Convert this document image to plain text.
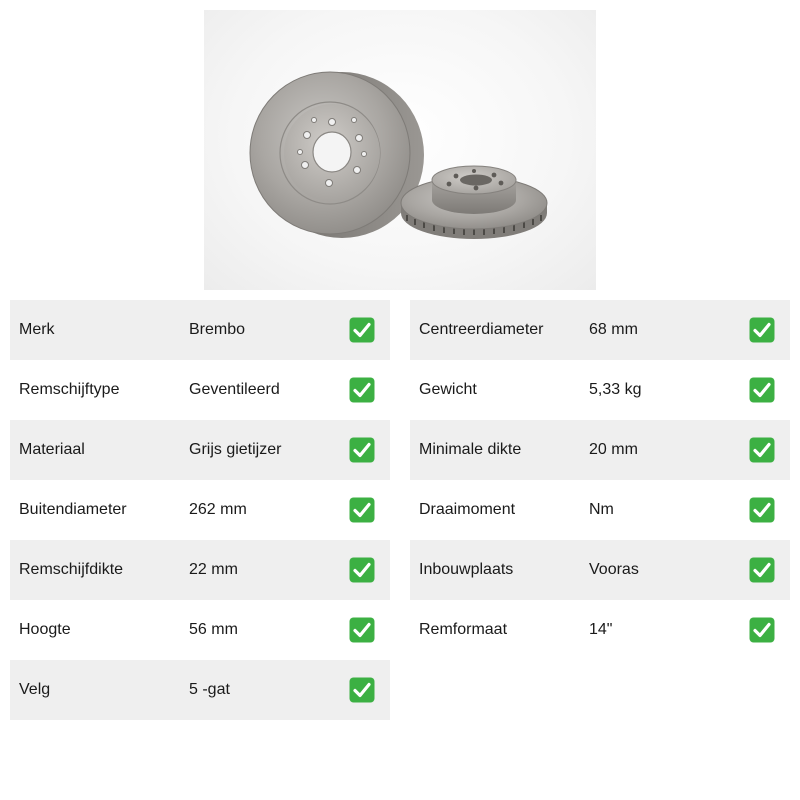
Merk	Brembo
Remschijftype	Geventileerd
Materiaal	Grijs gietijzer
Buitendiameter	262 mm
Remschijfdikte	22 mm
Hoogte	56 mm
Velg	5 -gat
Centreerdiameter	68 mm
Gewicht	5,33 kg
Minimale dikte	20 mm
Draaimoment	Nm
Inbouwplaats	Vooras
Remformaat	14"
